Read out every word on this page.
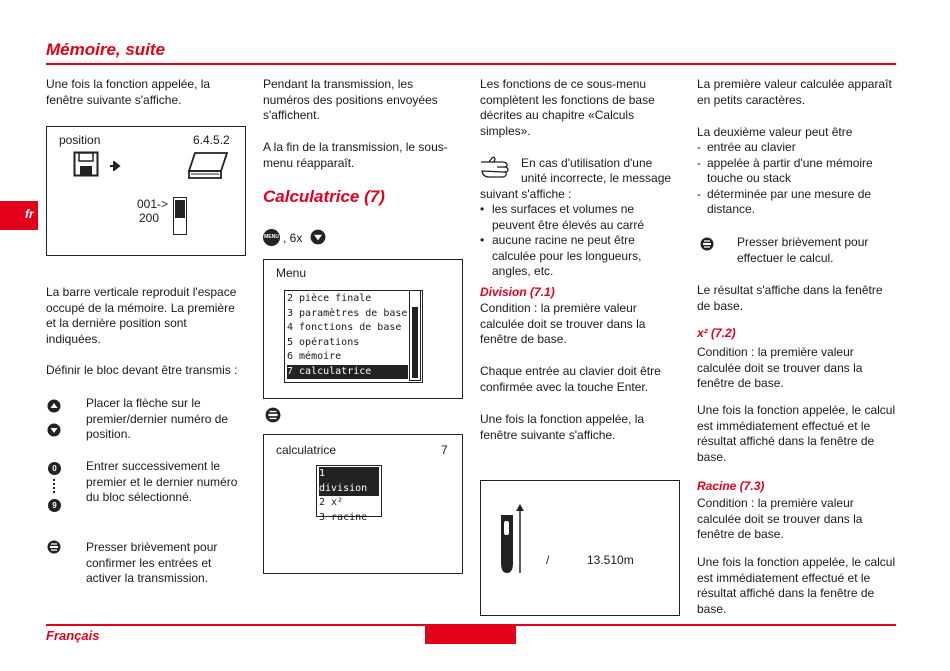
Mémoire, suite
fr
Une fois la fonction appelée, la fenêtre suivante s'affiche.
position	6.4.5.2
001->
200
La barre verticale reproduit l'espace occupé de la mémoire. La première et la dernière position sont indiquées.
Définir le bloc devant être transmis :
Placer la flèche sur le premier/dernier numéro de position.
0
9
Entrer successivement le premier et le dernier numéro du bloc sélectionné.
Presser brièvement pour confirmer les entrées et activer la transmission.
Pendant la transmission, les numéros des positions envoyées s'affichent.
A la fin de la transmission, le sous-menu réapparaît.
Calculatrice (7)
MENU , 6x
Menu
2 pièce finale
3 paramètres de base
4 fonctions de base
5 opérations
6 mémoire
7 calculatrice
calculatrice	7
1 division
2 x²
3 racine
Les fonctions de ce sous-menu complètent les fonctions de base décrites au chapitre «Calculs simples».
En cas d'utilisation d'une
unité incorrecte, le message
suivant s'affiche :
• les surfaces et volumes ne peuvent être élevés au carré
• aucune racine ne peut être calculée pour les longueurs, angles, etc.
Division (7.1)
Condition : la première valeur calculée doit se trouver dans la fenêtre de base.
Chaque entrée au clavier doit être confirmée avec la touche Enter.
Une fois la fonction appelée, la fenêtre suivante s'affiche.
/	13.510m
La première valeur calculée apparaît en petits caractères.
La deuxième valeur peut être
- entrée au clavier
- appelée à partir d'une mémoire touche ou stack
- déterminée par une mesure de distance.
Presser brièvement pour effectuer le calcul.
Le résultat s'affiche dans la fenêtre de base.
x² (7.2)
Condition : la première valeur calculée doit se trouver dans la fenêtre de base.
Une fois la fonction appelée, le calcul est immédiatement effectué et le résultat affiché dans la fenêtre de base.
Racine (7.3)
Condition : la première valeur calculée doit se trouver dans la fenêtre de base.
Une fois la fonction appelée, le calcul est immédiatement effectué et le résultat affiché dans la fenêtre de base.
Français
